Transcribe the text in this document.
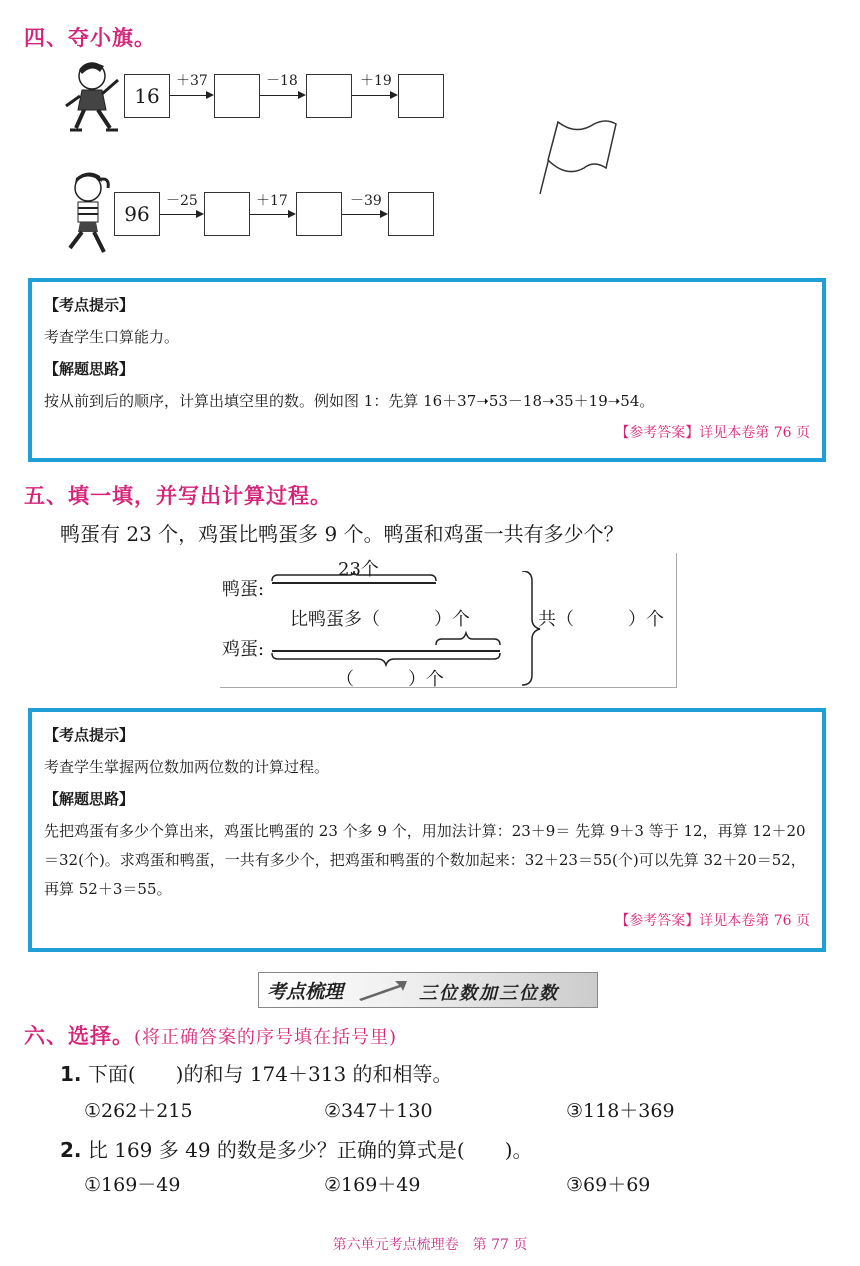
四、夺小旗。
16
＋37	－18	＋19
96
－25	＋17	－39
【考点提示】
考查学生口算能力。
【解题思路】
按从前到后的顺序，计算出填空里的数。例如图 1：先算 16＋37➝53－18➝35＋19➝54。
【参考答案】详见本卷第 76 页
五、填一填，并写出计算过程。
鸭蛋有 23 个，鸡蛋比鸭蛋多 9 个。鸭蛋和鸡蛋一共有多少个？
鸭蛋:
23个
比鸭蛋多（　　　）个
鸡蛋:
（　　　）个
共（　　　）个
【考点提示】
考查学生掌握两位数加两位数的计算过程。
【解题思路】
先把鸡蛋有多少个算出来，鸡蛋比鸭蛋的 23 个多 9 个，用加法计算：23＋9＝ 先算 9＋3 等于 12，再算 12＋20＝32(个)。求鸡蛋和鸭蛋，一共有多少个，把鸡蛋和鸭蛋的个数加起来：32＋23＝55(个)可以先算 32＋20＝52，再算 52＋3＝55。
【参考答案】详见本卷第 76 页
考点梳理	三位数加三位数
六、选择。(将正确答案的序号填在括号里)
1. 下面(　　)的和与 174＋313 的和相等。
①262＋215	②347＋130	③118＋369
2. 比 169 多 49 的数是多少？正确的算式是(　　)。
①169－49	②169＋49	③69＋69
第六单元考点梳理卷　第 77 页
